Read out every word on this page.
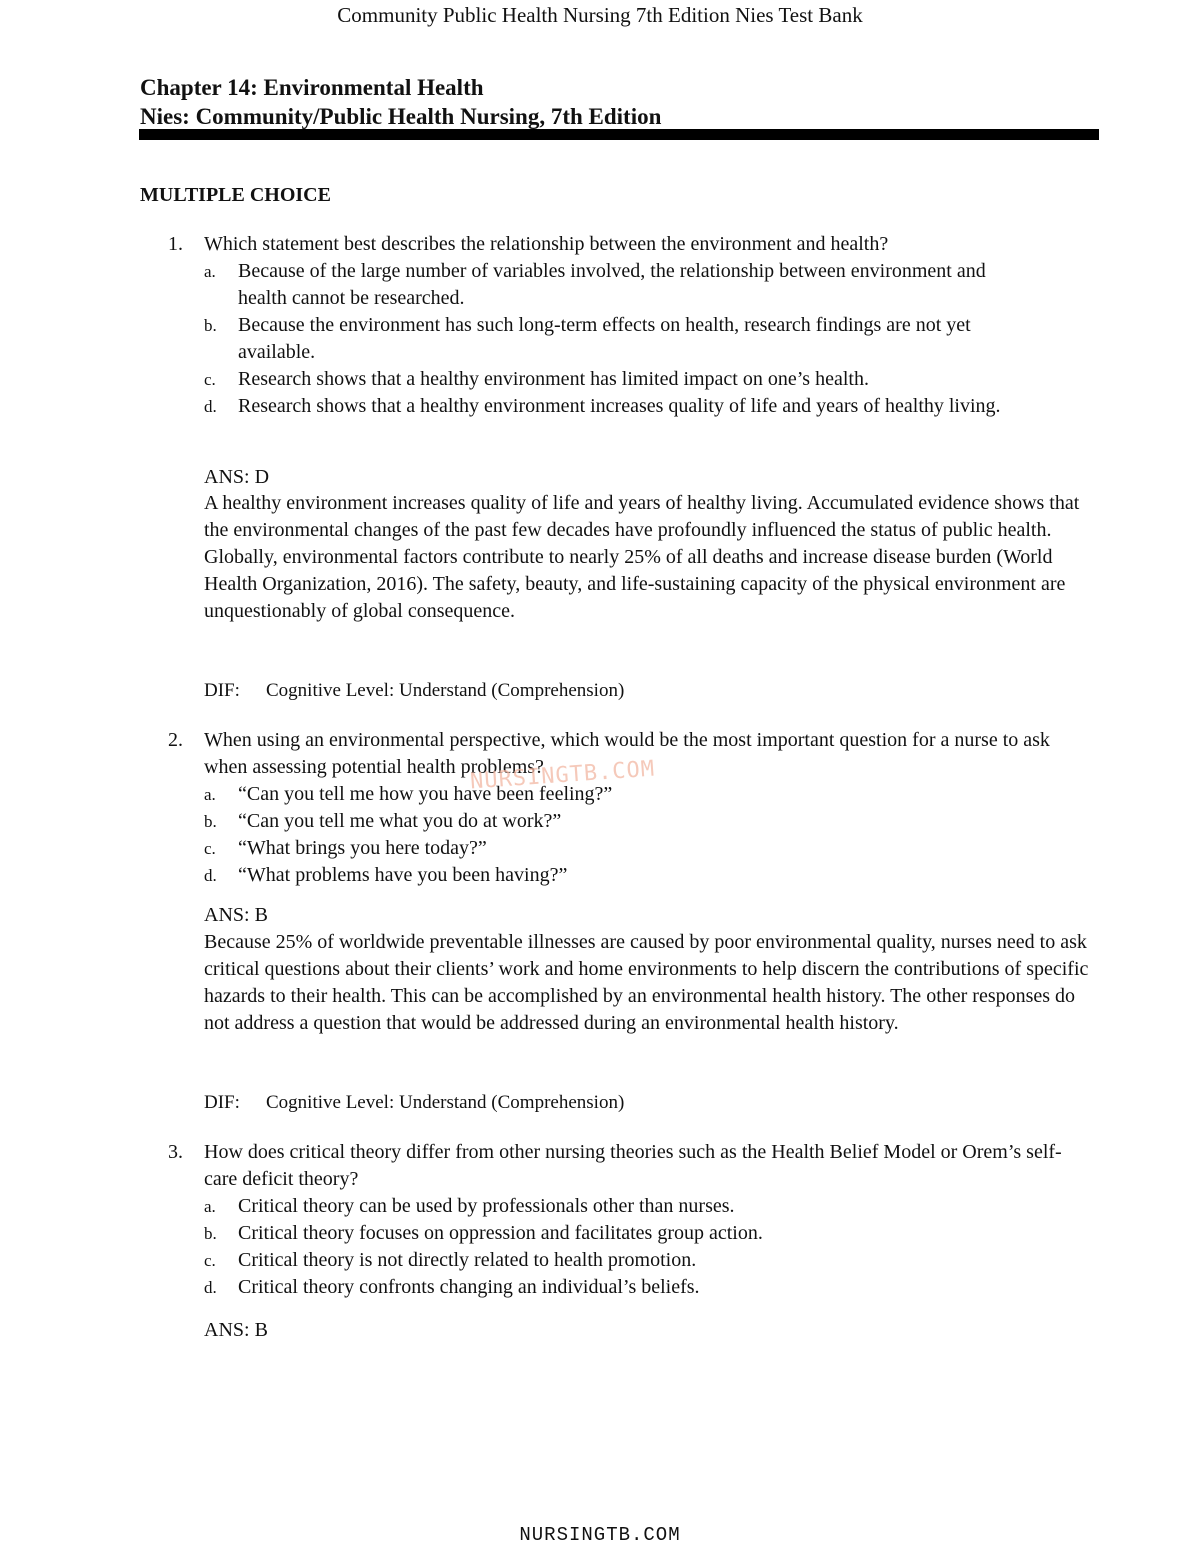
Community Public Health Nursing 7th Edition Nies Test Bank
Chapter 14: Environmental Health
Nies: Community/Public Health Nursing, 7th Edition
MULTIPLE CHOICE
1.	Which statement best describes the relationship between the environment and health?
a.	Because of the large number of variables involved, the relationship between environment and health cannot be researched.
b.	Because the environment has such long-term effects on health, research findings are not yet available.
c.	Research shows that a healthy environment has limited impact on one’s health.
d.	Research shows that a healthy environment increases quality of life and years of healthy living.
ANS: D
A healthy environment increases quality of life and years of healthy living. Accumulated evidence shows that the environmental changes of the past few decades have profoundly influenced the status of public health. Globally, environmental factors contribute to nearly 25% of all deaths and increase disease burden (World Health Organization, 2016). The safety, beauty, and life-sustaining capacity of the physical environment are unquestionably of global consequence.
DIF: Cognitive Level: Understand (Comprehension)
2.	When using an environmental perspective, which would be the most important question for a nurse to ask when assessing potential health problems?
a.	“Can you tell me how you have been feeling?”
b.	“Can you tell me what you do at work?”
c.	“What brings you here today?”
d.	“What problems have you been having?”
ANS: B
Because 25% of worldwide preventable illnesses are caused by poor environmental quality, nurses need to ask critical questions about their clients’ work and home environments to help discern the contributions of specific hazards to their health. This can be accomplished by an environmental health history. The other responses do not address a question that would be addressed during an environmental health history.
DIF: Cognitive Level: Understand (Comprehension)
3.	How does critical theory differ from other nursing theories such as the Health Belief Model or Orem’s self-care deficit theory?
a.	Critical theory can be used by professionals other than nurses.
b.	Critical theory focuses on oppression and facilitates group action.
c.	Critical theory is not directly related to health promotion.
d.	Critical theory confronts changing an individual’s beliefs.
ANS: B
NURSINGTB.COM
NURSINGTB.COM
